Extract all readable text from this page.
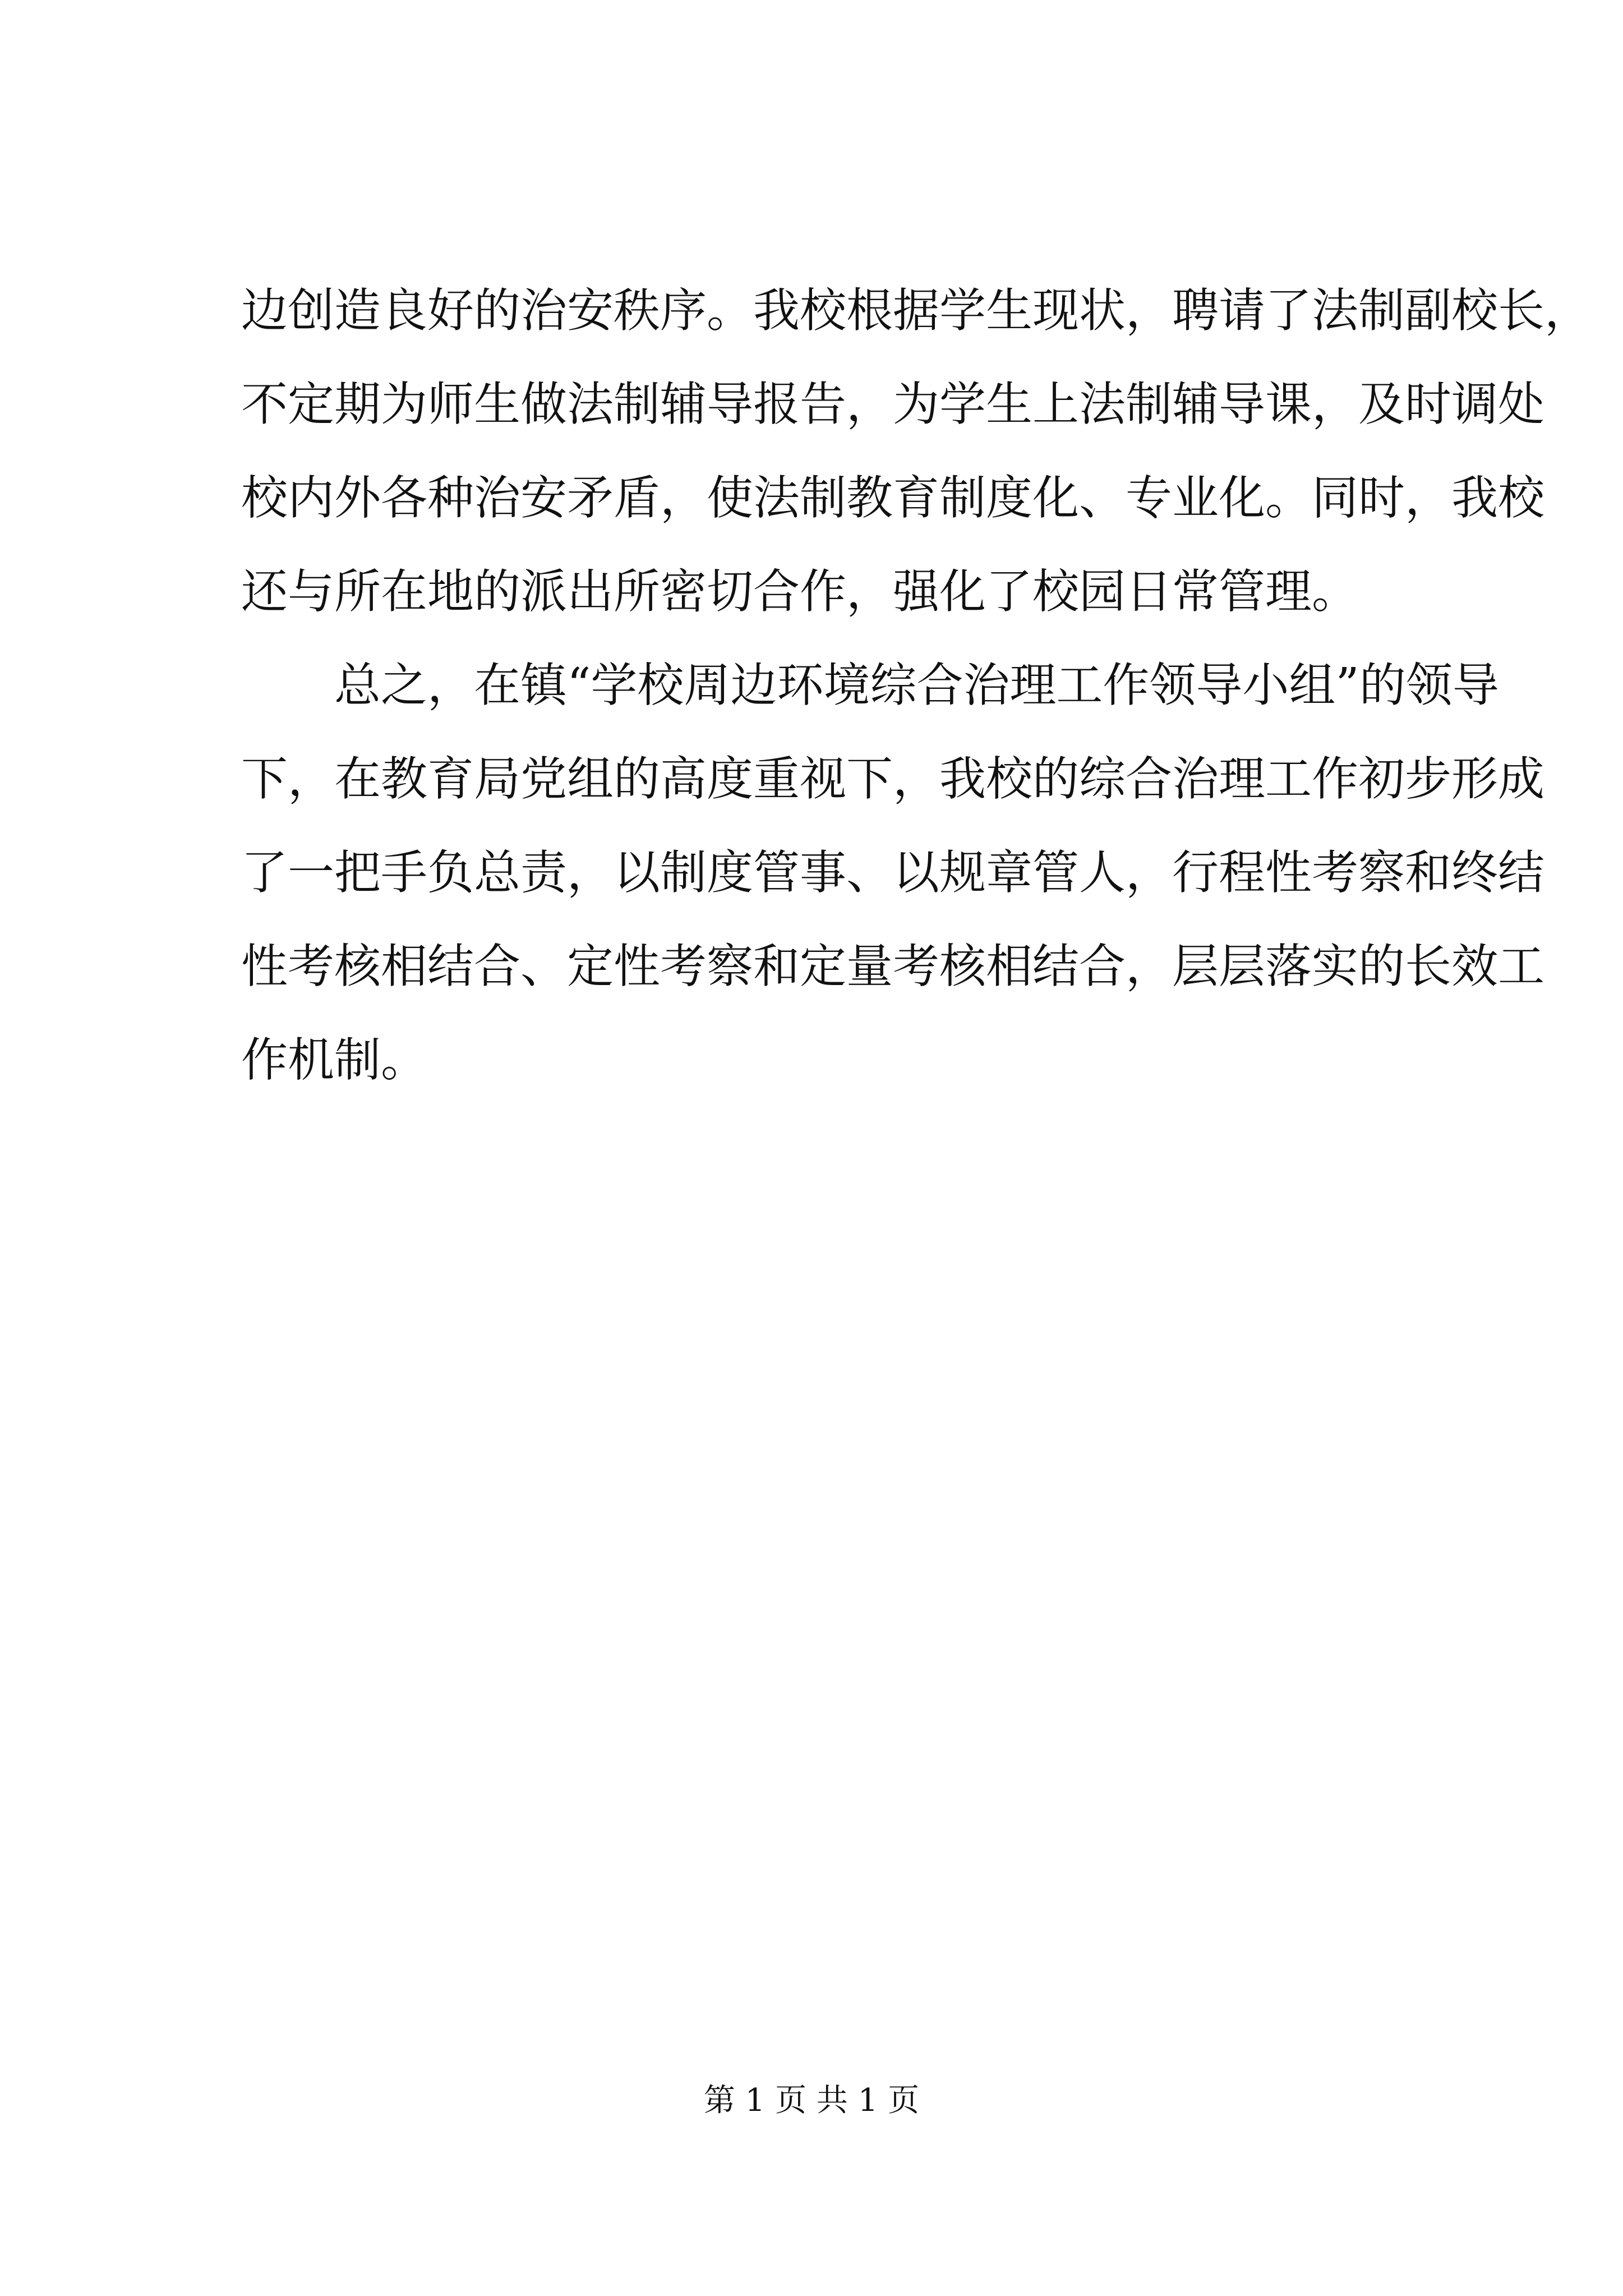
边创造良好的治安秩序。我校根据学生现状，聘请了法制副校长，
不定期为师生做法制辅导报告，为学生上法制辅导课，及时调处
校内外各种治安矛盾，使法制教育制度化、专业化。同时，我校
还与所在地的派出所密切合作，强化了校园日常管理。
　　总之，在镇“学校周边环境综合治理工作领导小组”的领导
下，在教育局党组的高度重视下，我校的综合治理工作初步形成
了一把手负总责，以制度管事、以规章管人，行程性考察和终结
性考核相结合、定性考察和定量考核相结合，层层落实的长效工
作机制。
第 1 页 共 1 页
